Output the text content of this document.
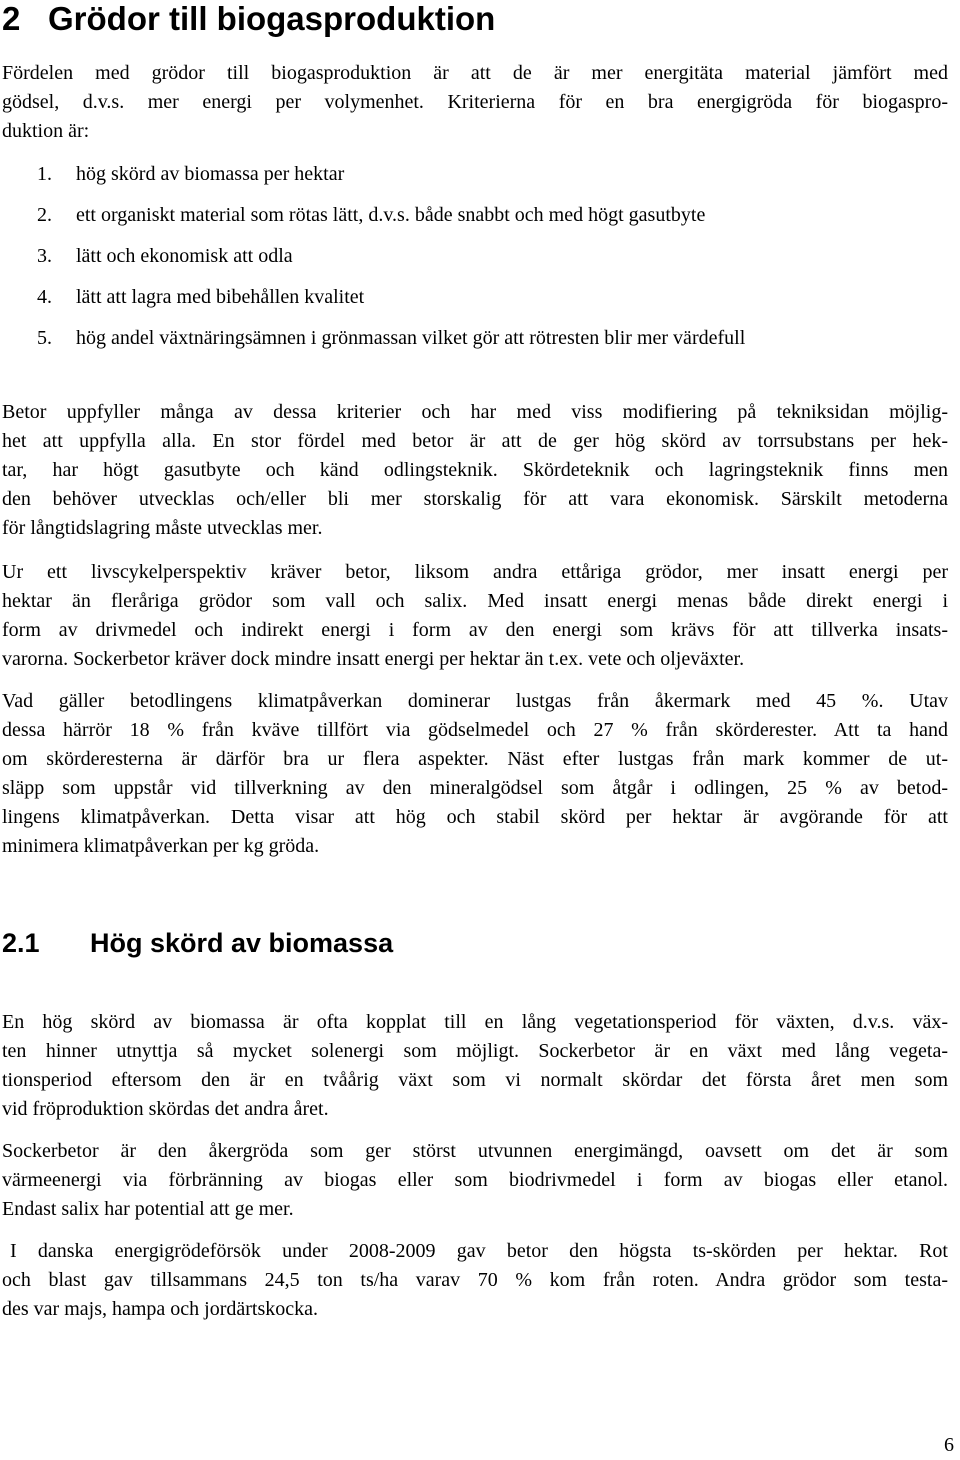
2 Grödor till biogasproduktion

Fördelen med grödor till biogasproduktion är att de är mer energitäta material jämfört med
gödsel, d.v.s. mer energi per volymenhet. Kriterierna för en bra energigröda för biogaspro-
duktion är:

1. hög skörd av biomassa per hektar
2. ett organiskt material som rötas lätt, d.v.s. både snabbt och med högt gasutbyte
3. lätt och ekonomisk att odla
4. lätt att lagra med bibehållen kvalitet
5. hög andel växtnäringsämnen i grönmassan vilket gör att rötresten blir mer värdefull

Betor uppfyller många av dessa kriterier och har med viss modifiering på tekniksidan möjlig-
het att uppfylla alla. En stor fördel med betor är att de ger hög skörd av torrsubstans per hek-
tar, har högt gasutbyte och känd odlingsteknik. Skördeteknik och lagringsteknik finns men
den behöver utvecklas och/eller bli mer storskalig för att vara ekonomisk. Särskilt metoderna
för långtidslagring måste utvecklas mer.

Ur ett livscykelperspektiv kräver betor, liksom andra ettåriga grödor, mer insatt energi per
hektar än fleråriga grödor som vall och salix. Med insatt energi menas både direkt energi i
form av drivmedel och indirekt energi i form av den energi som krävs för att tillverka insats-
varorna. Sockerbetor kräver dock mindre insatt energi per hektar än t.ex. vete och oljeväxter.

Vad gäller betodlingens klimatpåverkan dominerar lustgas från åkermark med 45 %. Utav
dessa härrör 18 % från kväve tillfört via gödselmedel och 27 % från skörderester. Att ta hand
om skörderesterna är därför bra ur flera aspekter. Näst efter lustgas från mark kommer de ut-
släpp som uppstår vid tillverkning av den mineralgödsel som åtgår i odlingen, 25 % av betod-
lingens klimatpåverkan. Detta visar att hög och stabil skörd per hektar är avgörande för att
minimera klimatpåverkan per kg gröda.

2.1 Hög skörd av biomassa

En hög skörd av biomassa är ofta kopplat till en lång vegetationsperiod för växten, d.v.s. väx-
ten hinner utnyttja så mycket solenergi som möjligt. Sockerbetor är en växt med lång vegeta-
tionsperiod eftersom den är en tvåårig växt som vi normalt skördar det första året men som
vid fröproduktion skördas det andra året.

Sockerbetor är den åkergröda som ger störst utvunnen energimängd, oavsett om det är som
värmeenergi via förbränning av biogas eller som biodrivmedel i form av biogas eller etanol.
Endast salix har potential att ge mer.

I danska energigrödeförsök under 2008-2009 gav betor den högsta ts-skörden per hektar. Rot
och blast gav tillsammans 24,5 ton ts/ha varav 70 % kom från roten. Andra grödor som testa-
des var majs, hampa och jordärtskocka.

6
